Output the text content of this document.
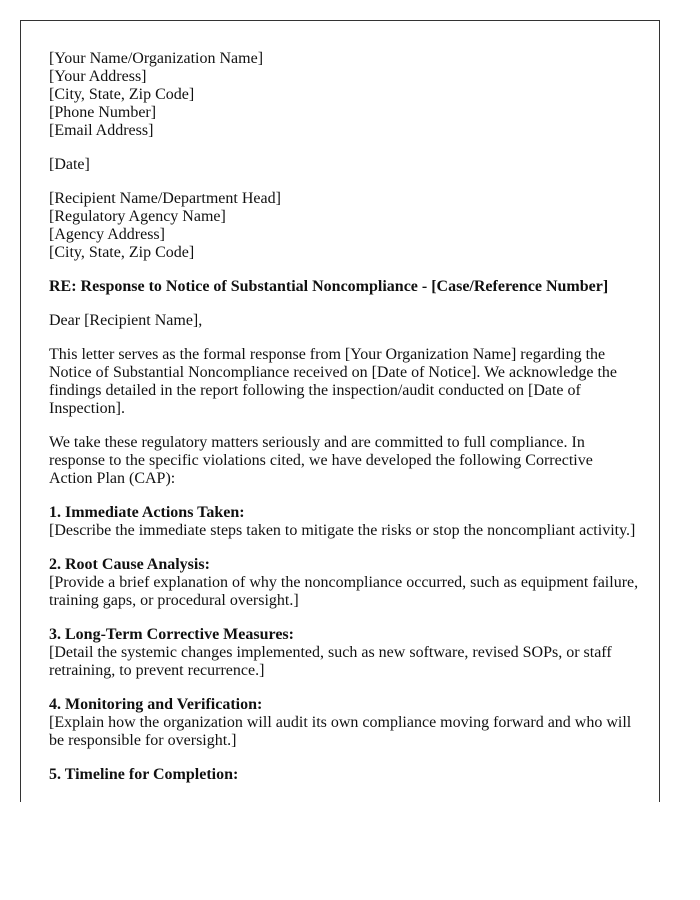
[Your Name/Organization Name]
[Your Address]
[City, State, Zip Code]
[Phone Number]
[Email Address]
[Date]
[Recipient Name/Department Head]
[Regulatory Agency Name]
[Agency Address]
[City, State, Zip Code]
RE: Response to Notice of Substantial Noncompliance - [Case/Reference Number]
Dear [Recipient Name],
This letter serves as the formal response from [Your Organization Name] regarding the Notice of Substantial Noncompliance received on [Date of Notice]. We acknowledge the findings detailed in the report following the inspection/audit conducted on [Date of Inspection].
We take these regulatory matters seriously and are committed to full compliance. In response to the specific violations cited, we have developed the following Corrective Action Plan (CAP):
1. Immediate Actions Taken:
[Describe the immediate steps taken to mitigate the risks or stop the noncompliant activity.]
2. Root Cause Analysis:
[Provide a brief explanation of why the noncompliance occurred, such as equipment failure, training gaps, or procedural oversight.]
3. Long-Term Corrective Measures:
[Detail the systemic changes implemented, such as new software, revised SOPs, or staff retraining, to prevent recurrence.]
4. Monitoring and Verification:
[Explain how the organization will audit its own compliance moving forward and who will be responsible for oversight.]
5. Timeline for Completion:
